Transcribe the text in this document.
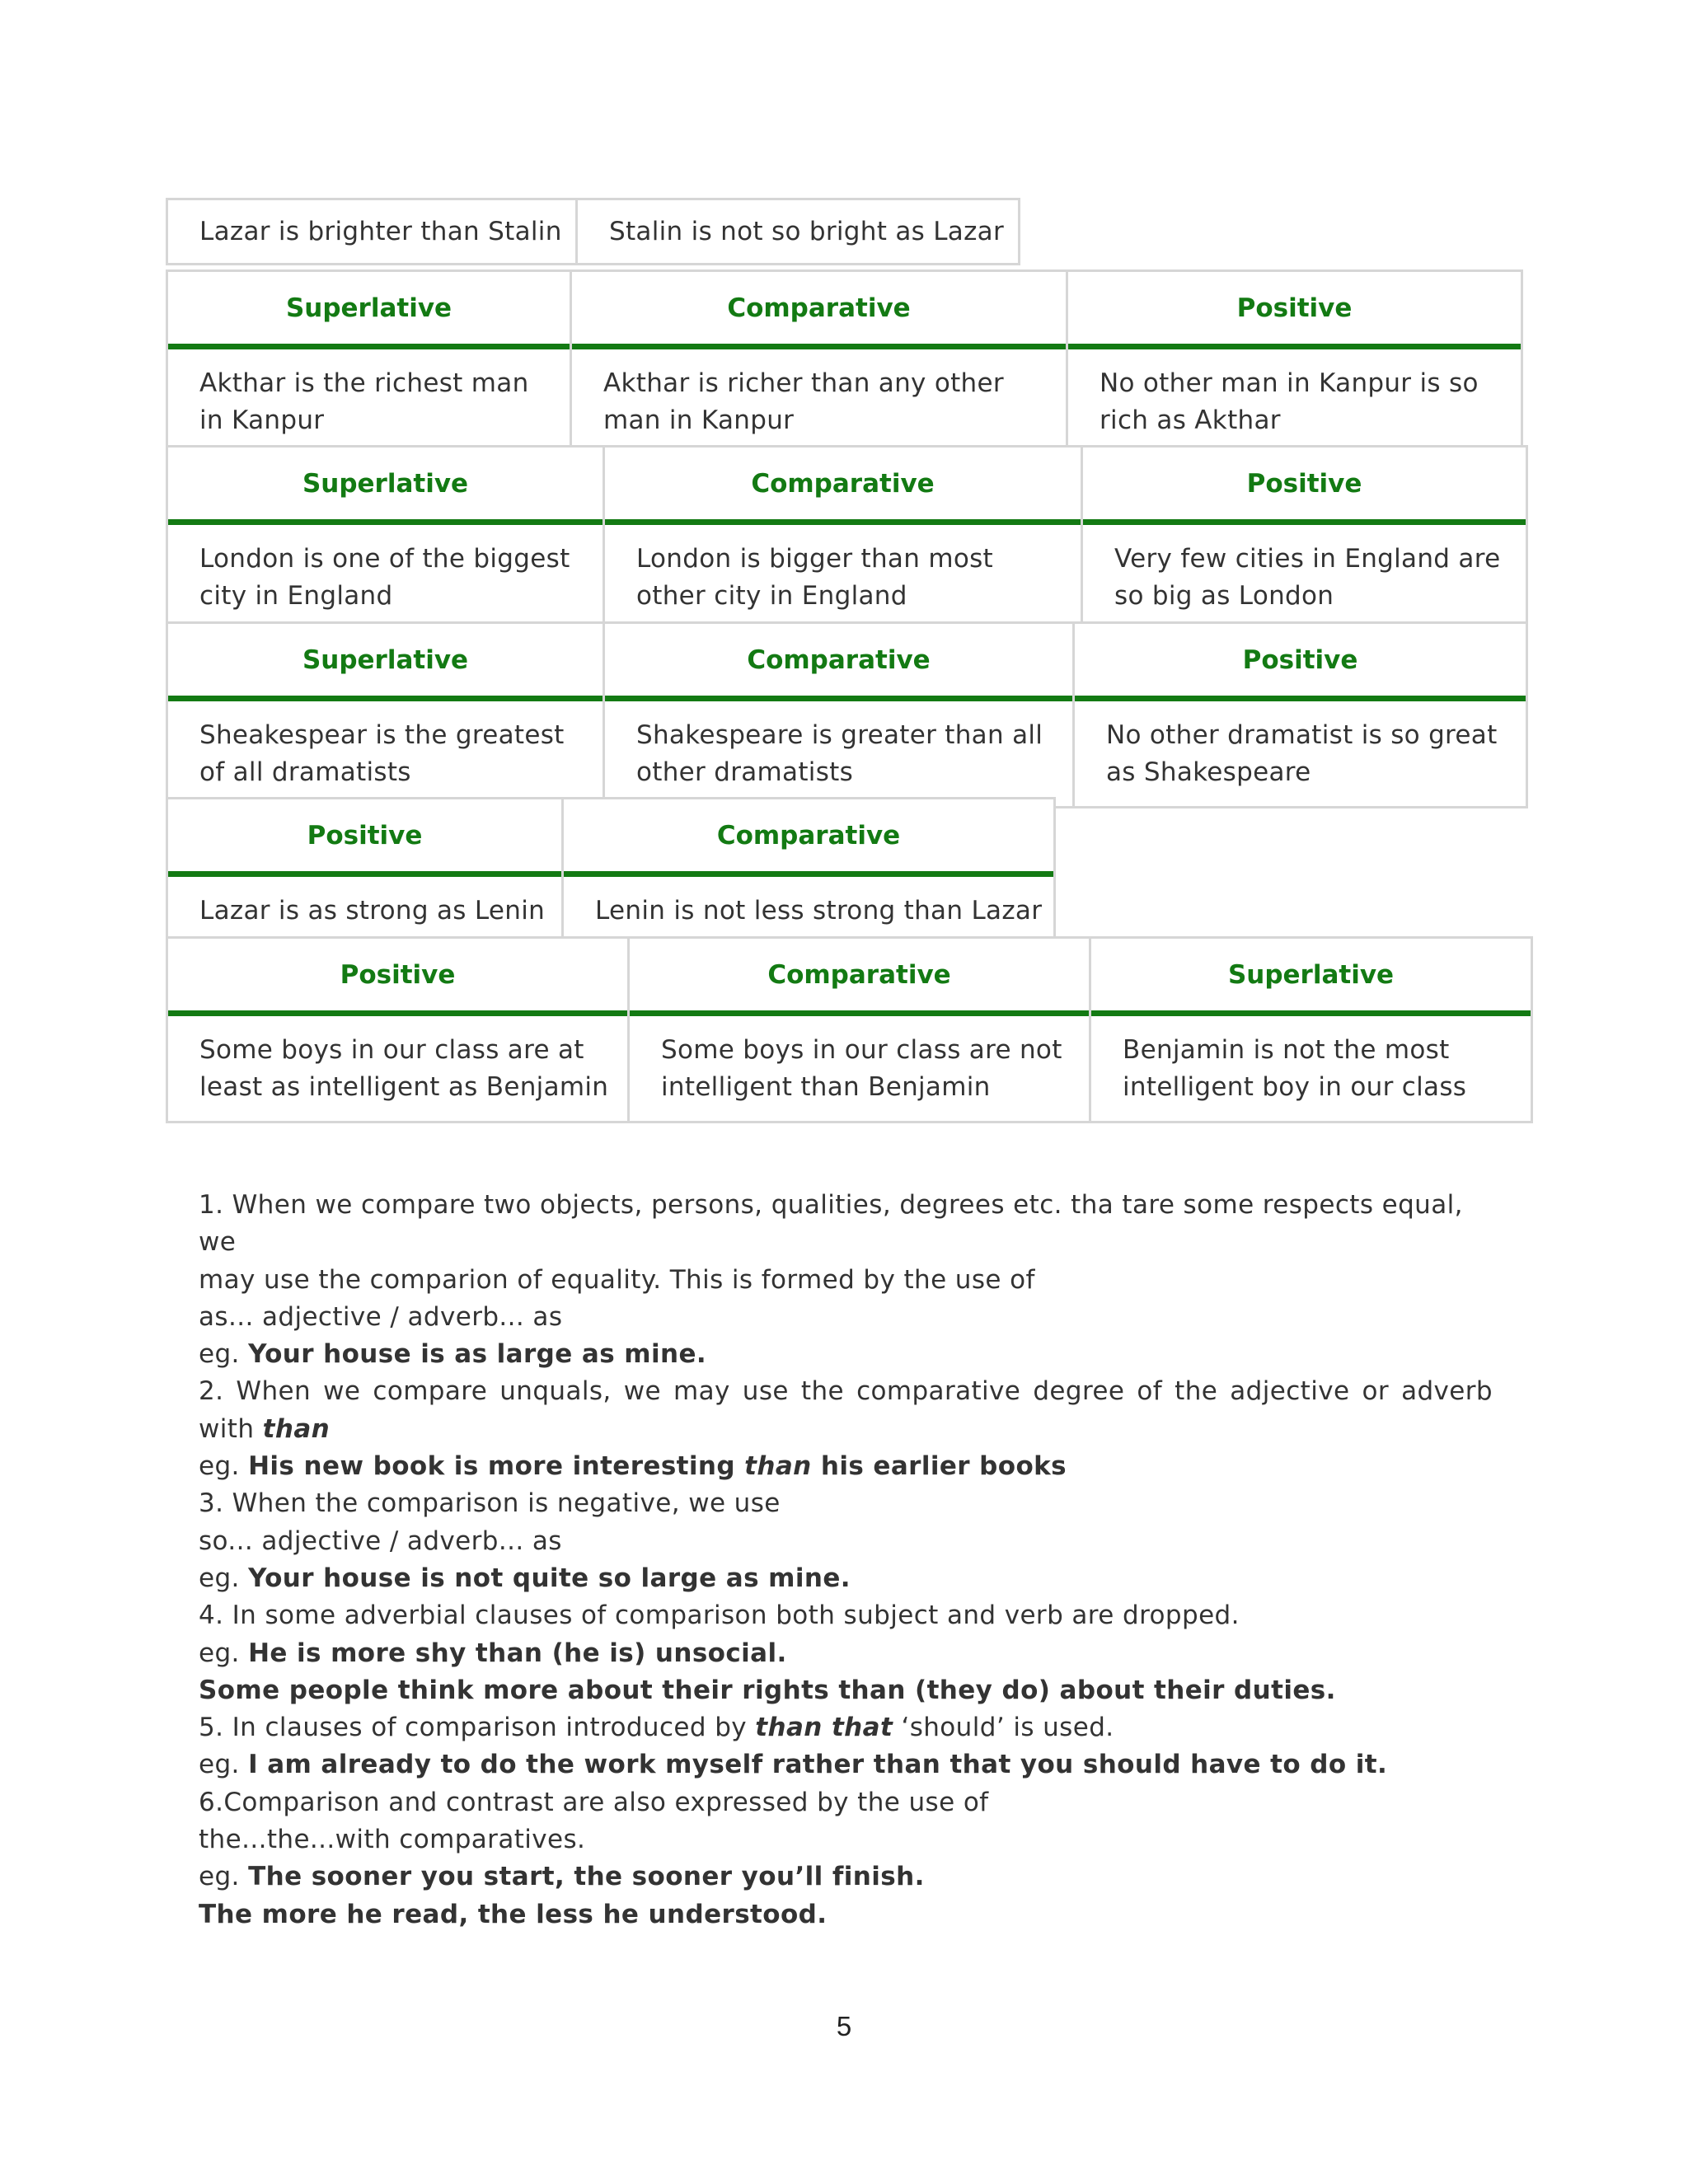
Lazar is brighter than Stalin	Stalin is not so bright as Lazar
Superlative
Akthar is the richest man
in Kanpur
Comparative
Akthar is richer than any other
man in Kanpur
Positive
No other man in Kanpur is so
rich as Akthar
Superlative
London is one of the biggest
city in England
Comparative
London is bigger than most
other city in England
Positive
Very few cities in England are
so big as London
Superlative
Sheakespear is the greatest
of all dramatists
Comparative
Shakespeare is greater than all
other dramatists
Positive
No other dramatist is so great
as Shakespeare
Positive
Lazar is as strong as Lenin
Comparative
Lenin is not less strong than Lazar
Positive
Some boys in our class are at
least as intelligent as Benjamin
Comparative
Some boys in our class are not
intelligent than Benjamin
Superlative
Benjamin is not the most
intelligent boy in our class

1. When we compare two objects, persons, qualities, degrees etc. tha tare some respects equal, we

may use the comparion of equality. This is formed by the use of

as... adjective / adverb... as

eg. Your house is as large as mine.

2. When we compare unquals, we may use the comparative degree of the adjective or adverb

with than

eg. His new book is more interesting than his earlier books

3. When the comparison is negative, we use

so... adjective / adverb... as

eg. Your house is not quite so large as mine.

4. In some adverbial clauses of comparison both subject and verb are dropped.

eg. He is more shy than (he is) unsocial.

Some people think more about their rights than (they do) about their duties.

5. In clauses of comparison introduced by than that ‘should’ is used.

eg. I am already to do the work myself rather than that you should have to do it.

6.Comparison and contrast are also expressed by the use of

the...the...with comparatives.

eg. The sooner you start, the sooner you’ll finish.

The more he read, the less he understood.

5
